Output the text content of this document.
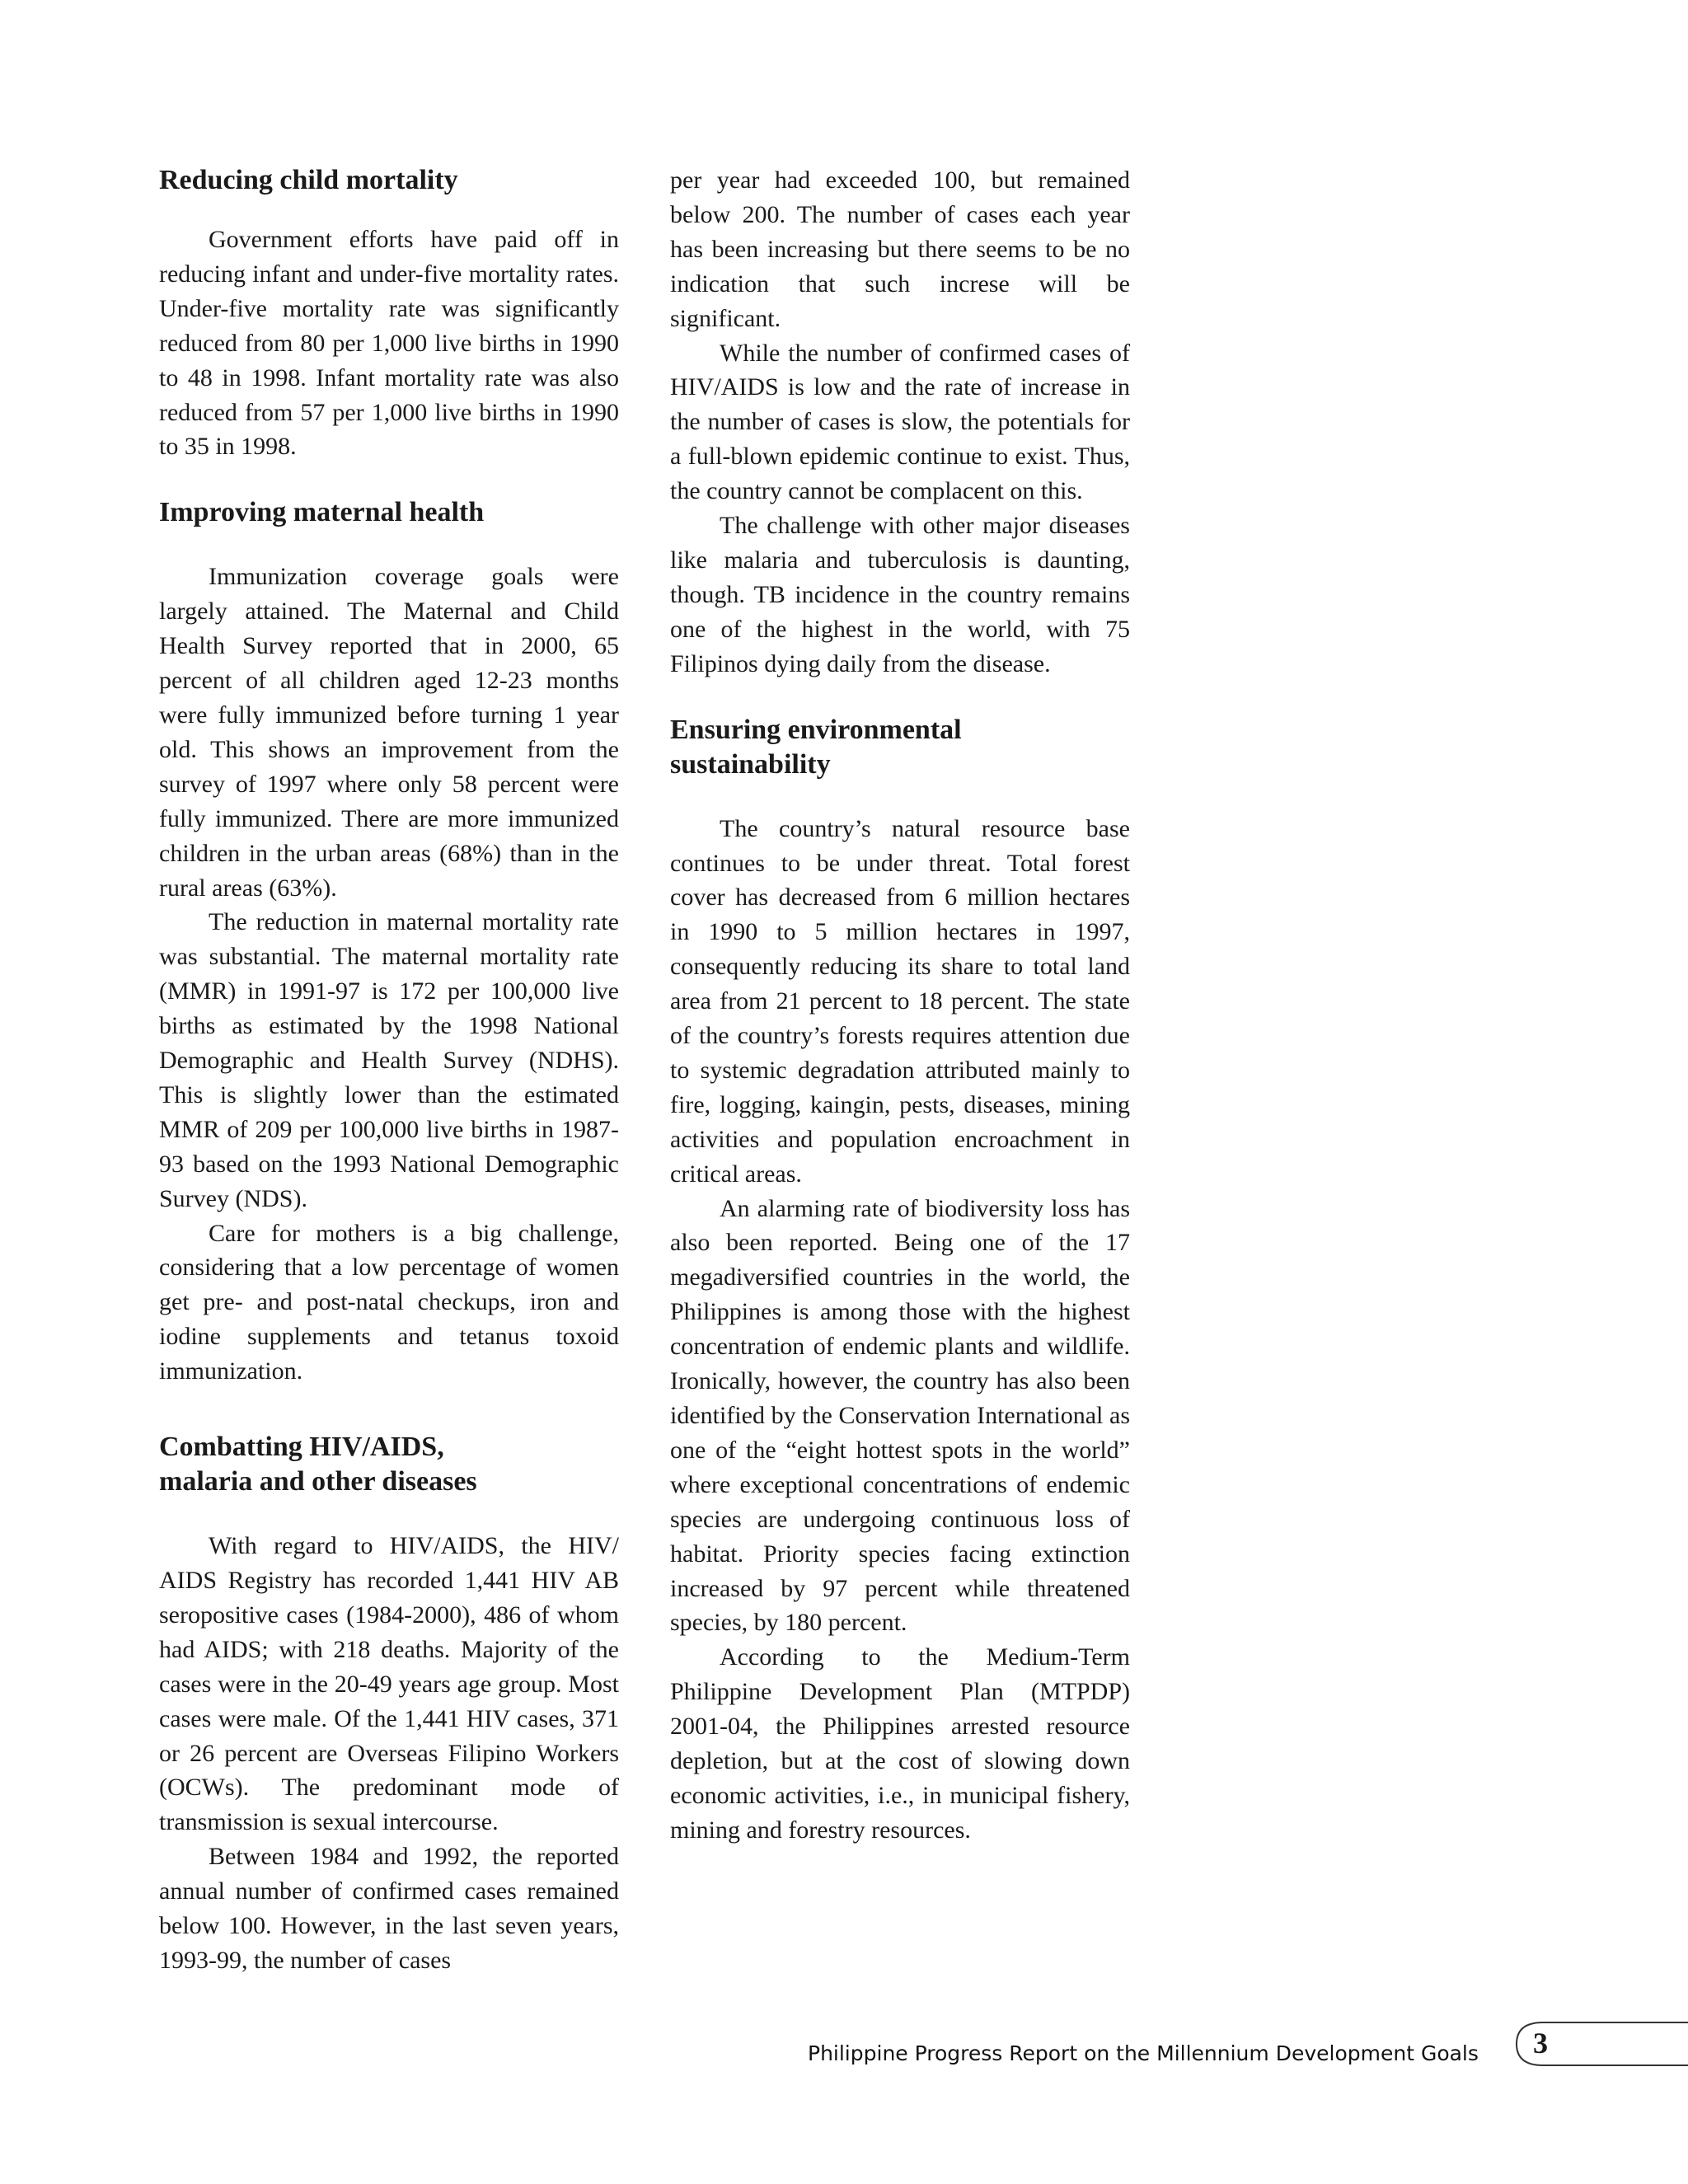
Reducing child mortality

Government efforts have paid off in reducing infant and under-five mortality rates. Under-five mortality rate was significantly reduced from 80 per 1,000 live births in 1990 to 48 in 1998. Infant mortality rate was also reduced from 57 per 1,000 live births in 1990 to 35 in 1998.

Improving maternal health

Immunization coverage goals were largely attained. The Maternal and Child Health Survey reported that in 2000, 65 percent of all children aged 12-23 months were fully immunized before turning 1 year old. This shows an improvement from the survey of 1997 where only 58 percent were fully immunized. There are more immunized children in the urban areas (68%) than in the rural areas (63%).

The reduction in maternal mortality rate was substantial. The maternal mortality rate (MMR) in 1991-97 is 172 per 100,000 live births as estimated by the 1998 National Demographic and Health Survey (NDHS). This is slightly lower than the estimated MMR of 209 per 100,000 live births in 1987-93 based on the 1993 National Demographic Survey (NDS).

Care for mothers is a big challenge, considering that a low percentage of women get pre- and post-natal checkups, iron and iodine supplements and tetanus toxoid immunization.

Combatting HIV/AIDS,
malaria and other diseases

With regard to HIV/AIDS, the HIV/ AIDS Registry has recorded 1,441 HIV AB seropositive cases (1984-2000), 486 of whom had AIDS; with 218 deaths. Majority of the cases were in the 20-49 years age group. Most cases were male. Of the 1,441 HIV cases, 371 or 26 percent are Overseas Filipino Workers (OCWs). The predominant mode of transmission is sexual intercourse.

Between 1984 and 1992, the reported annual number of confirmed cases remained below 100. However, in the last seven years, 1993-99, the number of cases

per year had exceeded 100, but remained below 200. The number of cases each year has been increasing but there seems to be no indication that such increse will be significant.

While the number of confirmed cases of HIV/AIDS is low and the rate of increase in the number of cases is slow, the potentials for a full-blown epidemic continue to exist. Thus, the country cannot be complacent on this.

The challenge with other major diseases like malaria and tuberculosis is daunting, though. TB incidence in the country remains one of the highest in the world, with 75 Filipinos dying daily from the disease.

Ensuring environmental
sustainability

The country’s natural resource base continues to be under threat. Total forest cover has decreased from 6 million hectares in 1990 to 5 million hectares in 1997, consequently reducing its share to total land area from 21 percent to 18 percent. The state of the country’s forests requires attention due to systemic degradation attributed mainly to fire, logging, kaingin, pests, diseases, mining activities and population encroachment in critical areas.

An alarming rate of biodiversity loss has also been reported. Being one of the 17 megadiversified countries in the world, the Philippines is among those with the highest concentration of endemic plants and wildlife. Ironically, however, the country has also been identified by the Conservation International as one of the “eight hottest spots in the world” where exceptional concentrations of endemic species are undergoing continuous loss of habitat. Priority species facing extinction increased by 97 percent while threatened species, by 180 percent.

According to the Medium-Term Philippine Development Plan (MTPDP) 2001-04, the Philippines arrested resource depletion, but at the cost of slowing down economic activities, i.e., in municipal fishery, mining and forestry resources.

Philippine Progress Report on the Millennium Development Goals 3
